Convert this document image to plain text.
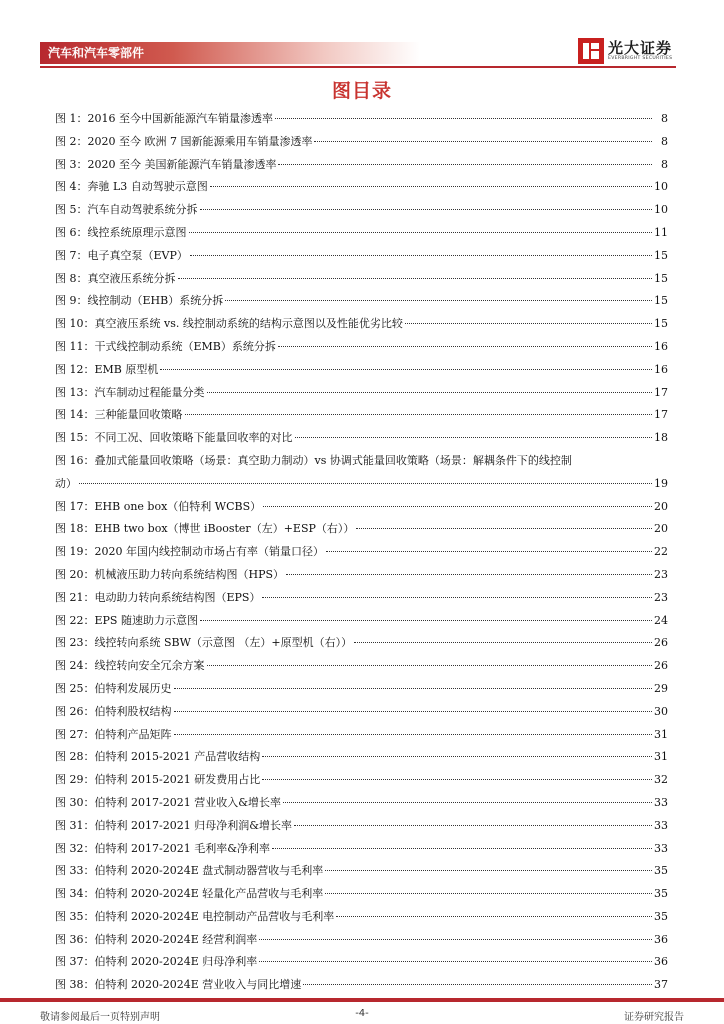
汽车和汽车零部件	光大证券
EVERBRIGHT SECURITIES
图目录
图 1：2016 至今中国新能源汽车销量渗透率	8
图 2：2020 至今 欧洲 7 国新能源乘用车销量渗透率	8
图 3：2020 至今 美国新能源汽车销量渗透率	8
图 4：奔驰 L3 自动驾驶示意图	10
图 5：汽车自动驾驶系统分拆	10
图 6：线控系统原理示意图	11
图 7：电子真空泵（EVP）	15
图 8：真空液压系统分拆	15
图 9：线控制动（EHB）系统分拆	15
图 10：真空液压系统 vs. 线控制动系统的结构示意图以及性能优劣比较	15
图 11：干式线控制动系统（EMB）系统分拆	16
图 12：EMB 原型机	16
图 13：汽车制动过程能量分类	17
图 14：三种能量回收策略	17
图 15：不同工况、回收策略下能量回收率的对比	18
图 16：叠加式能量回收策略（场景：真空助力制动）vs 协调式能量回收策略（场景：解耦条件下的线控制
动）	19
图 17：EHB one box（伯特利 WCBS）	20
图 18：EHB two box（博世 iBooster（左）+ESP（右））	20
图 19：2020 年国内线控制动市场占有率（销量口径）	22
图 20：机械液压助力转向系统结构图（HPS）	23
图 21：电动助力转向系统结构图（EPS）	23
图 22：EPS 随速助力示意图	24
图 23：线控转向系统 SBW（示意图 （左）+原型机（右））	26
图 24：线控转向安全冗余方案	26
图 25：伯特利发展历史	29
图 26：伯特利股权结构	30
图 27：伯特利产品矩阵	31
图 28：伯特利 2015-2021 产品营收结构	31
图 29：伯特利 2015-2021 研发费用占比	32
图 30：伯特利 2017-2021 营业收入&增长率	33
图 31：伯特利 2017-2021 归母净利润&增长率	33
图 32：伯特利 2017-2021 毛利率&净利率	33
图 33：伯特利 2020-2024E 盘式制动器营收与毛利率	35
图 34：伯特利 2020-2024E 轻量化产品营收与毛利率	35
图 35：伯特利 2020-2024E 电控制动产品营收与毛利率	35
图 36：伯特利 2020-2024E 经营利润率	36
图 37：伯特利 2020-2024E 归母净利率	36
图 38：伯特利 2020-2024E 营业收入与同比增速	37
敬请参阅最后一页特别声明	-4-	证券研究报告
